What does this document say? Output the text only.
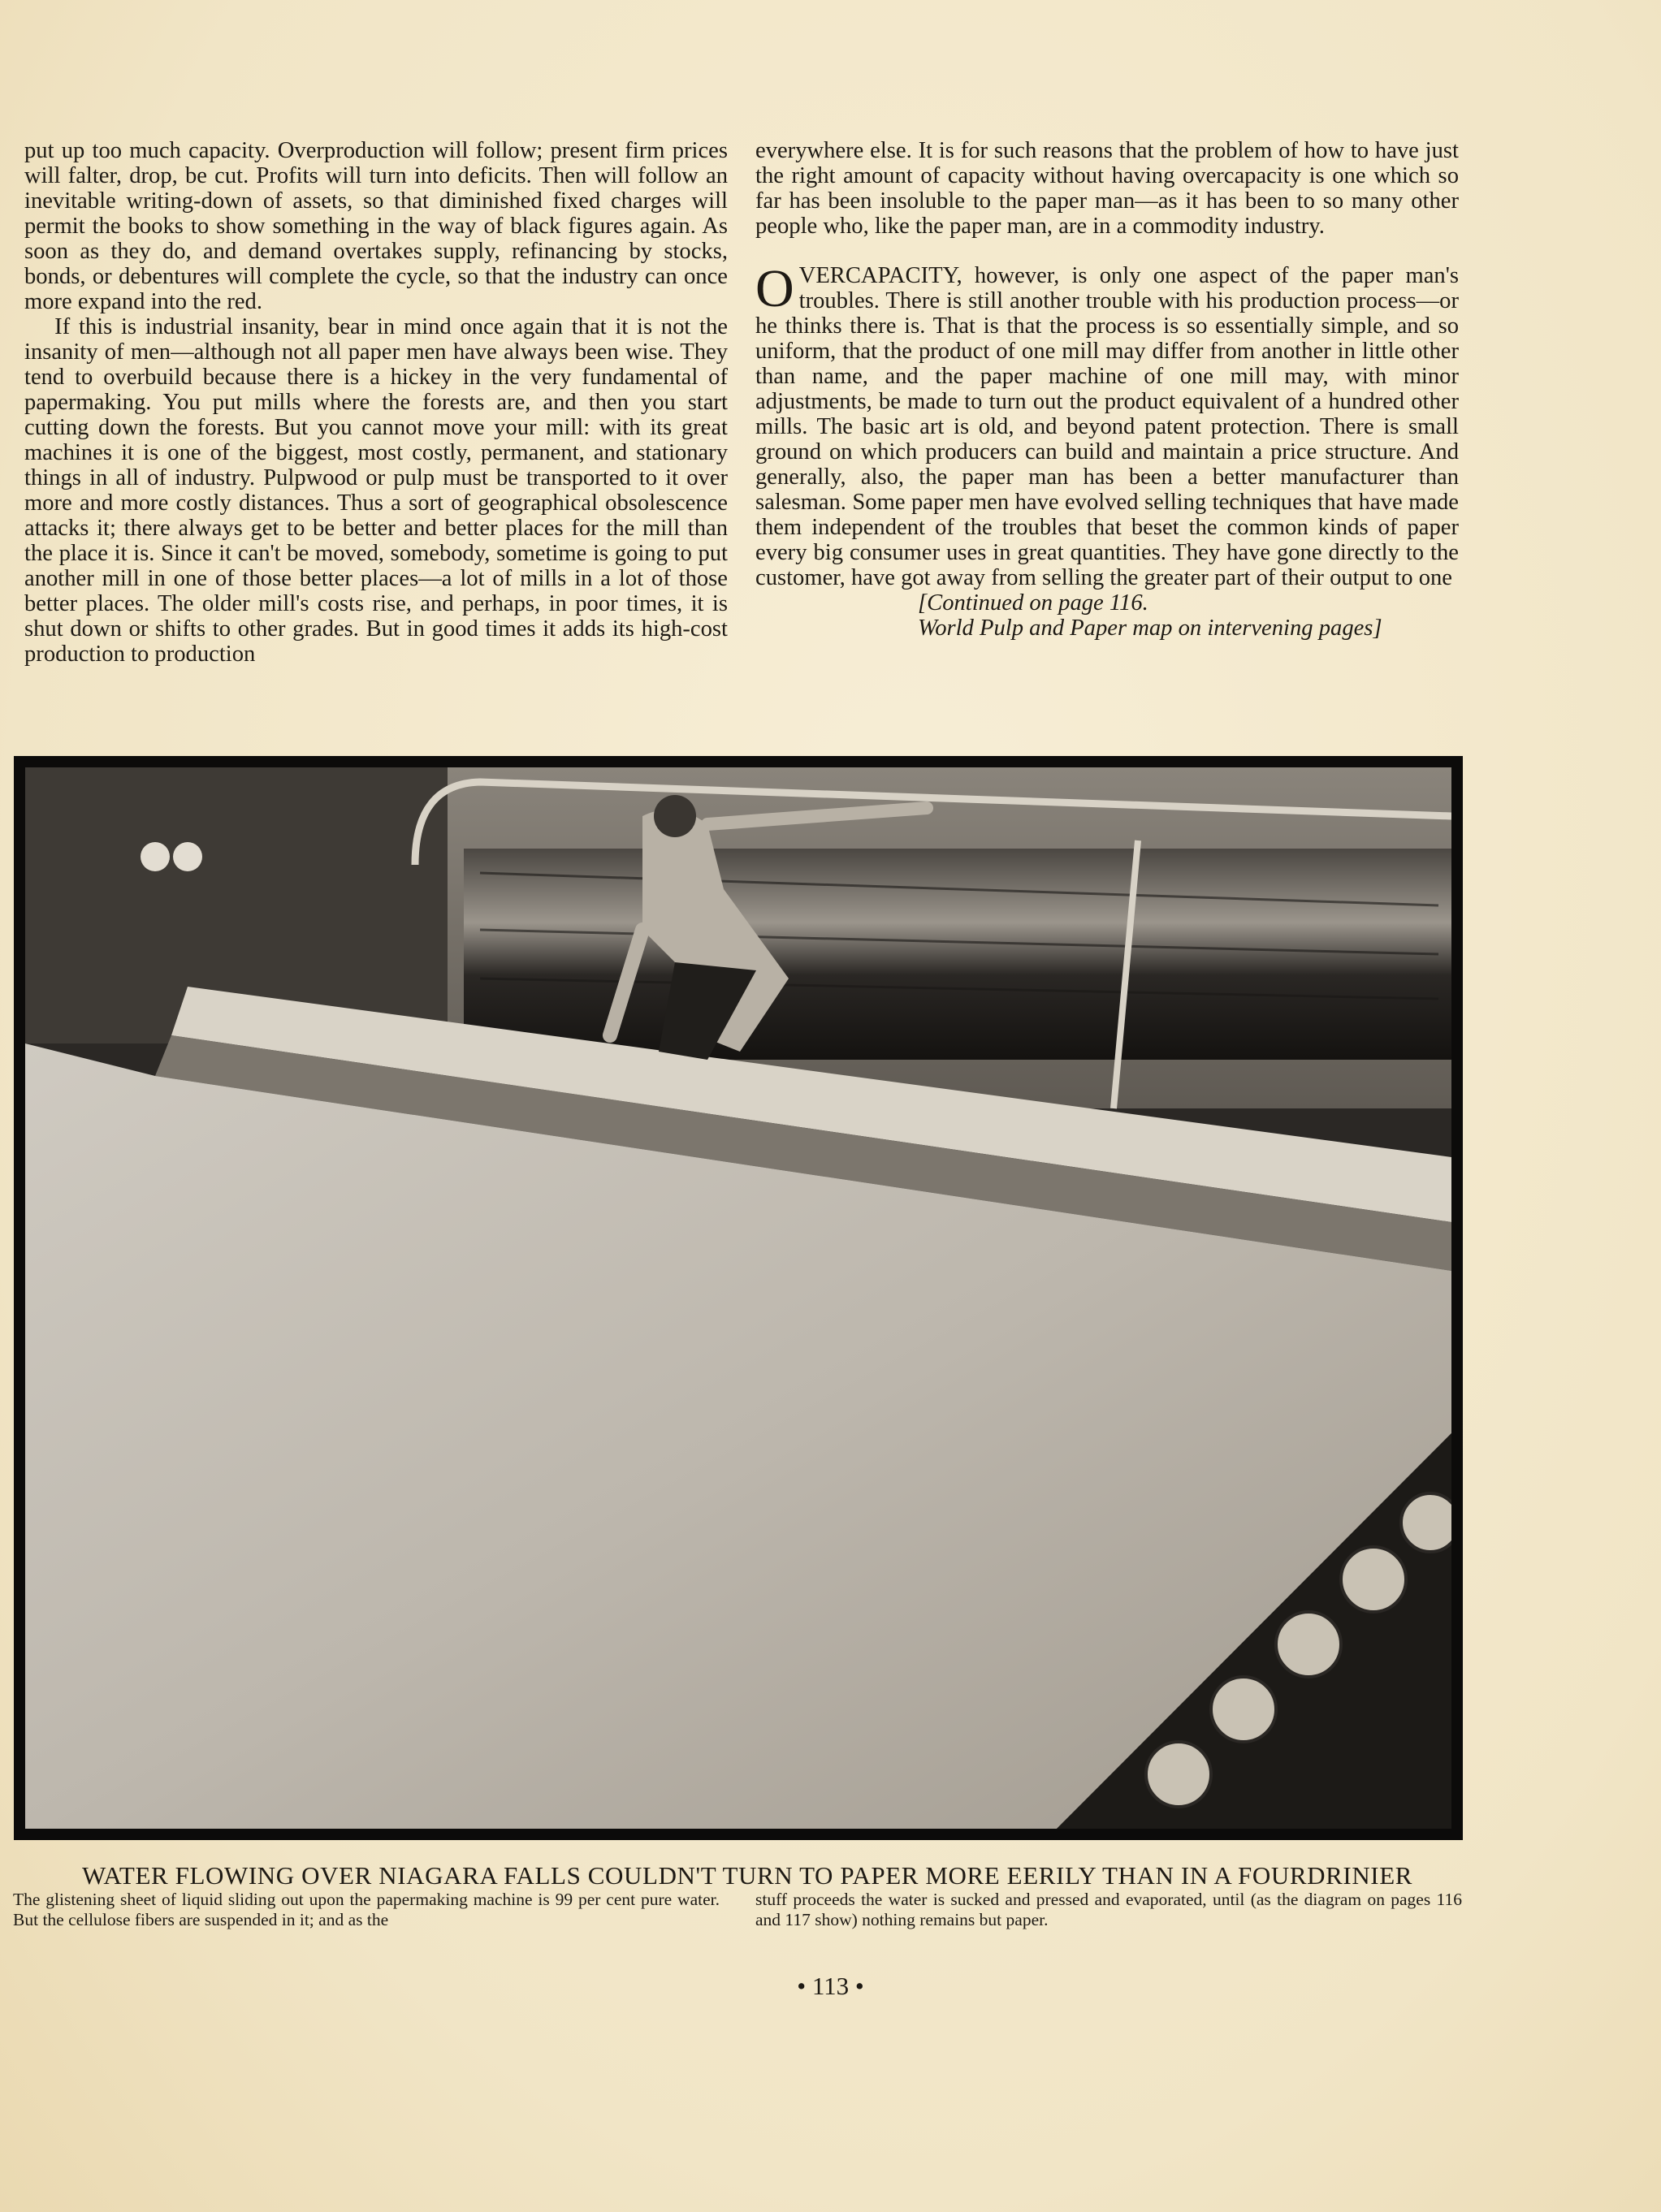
put up too much capacity. Overproduction will follow; present firm prices will falter, drop, be cut. Profits will turn into deficits. Then will follow an inevitable writing-down of assets, so that diminished fixed charges will permit the books to show something in the way of black figures again. As soon as they do, and demand overtakes supply, refinancing by stocks, bonds, or debentures will complete the cycle, so that the industry can once more expand into the red.

If this is industrial insanity, bear in mind once again that it is not the insanity of men—although not all paper men have always been wise. They tend to overbuild because there is a hickey in the very fundamental of papermaking. You put mills where the forests are, and then you start cutting down the forests. But you cannot move your mill: with its great machines it is one of the biggest, most costly, permanent, and stationary things in all of industry. Pulpwood or pulp must be transported to it over more and more costly distances. Thus a sort of geographical obsolescence attacks it; there always get to be better and better places for the mill than the place it is. Since it can't be moved, somebody, sometime is going to put another mill in one of those better places—a lot of mills in a lot of those better places. The older mill's costs rise, and perhaps, in poor times, it is shut down or shifts to other grades. But in good times it adds its high-cost production to production

everywhere else. It is for such reasons that the problem of how to have just the right amount of capacity without having overcapacity is one which so far has been insoluble to the paper man—as it has been to so many other people who, like the paper man, are in a commodity industry.

OVERCAPACITY, however, is only one aspect of the paper man's troubles. There is still another trouble with his production process—or he thinks there is. That is that the process is so essentially simple, and so uniform, that the product of one mill may differ from another in little other than name, and the paper machine of one mill may, with minor adjustments, be made to turn out the product equivalent of a hundred other mills. The basic art is old, and beyond patent protection. There is small ground on which producers can build and maintain a price structure. And generally, also, the paper man has been a better manufacturer than salesman. Some paper men have evolved selling techniques that have made them independent of the troubles that beset the common kinds of paper every big consumer uses in great quantities. They have gone directly to the customer, have got away from selling the greater part of their output to one

[Continued on page 116.
World Pulp and Paper map on intervening pages]

WATER FLOWING OVER NIAGARA FALLS COULDN'T TURN TO PAPER MORE EERILY THAN IN A FOURDRINIER
The glistening sheet of liquid sliding out upon the papermaking machine is 99 per cent pure water. But the cellulose fibers are suspended in it; and as the
stuff proceeds the water is sucked and pressed and evaporated, until (as the diagram on pages 116 and 117 show) nothing remains but paper.
• 113 •
